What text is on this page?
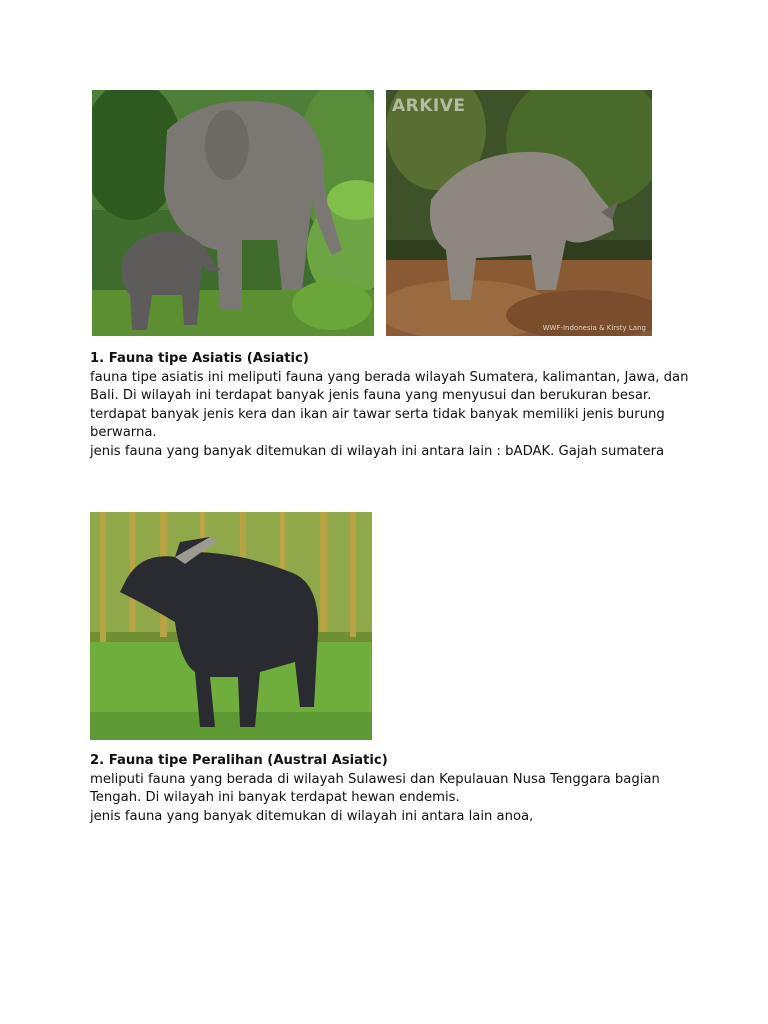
ARKIVE
WWF-Indonesia & Kirsty Lang
1. Fauna tipe Asiatis (Asiatic)

fauna tipe asiatis ini meliputi fauna yang berada wilayah Sumatera, kalimantan, Jawa, dan Bali. Di wilayah ini terdapat banyak jenis fauna yang menyusui dan berukuran besar. terdapat banyak jenis kera dan ikan air tawar serta tidak banyak memiliki jenis burung berwarna.

jenis fauna yang banyak ditemukan di wilayah ini antara lain : bADAK. Gajah sumatera

2. Fauna tipe Peralihan (Austral Asiatic)

meliputi fauna yang berada di wilayah Sulawesi dan Kepulauan Nusa Tenggara bagian Tengah. Di wilayah ini banyak terdapat hewan endemis.

jenis fauna yang banyak ditemukan di wilayah ini antara lain anoa,
